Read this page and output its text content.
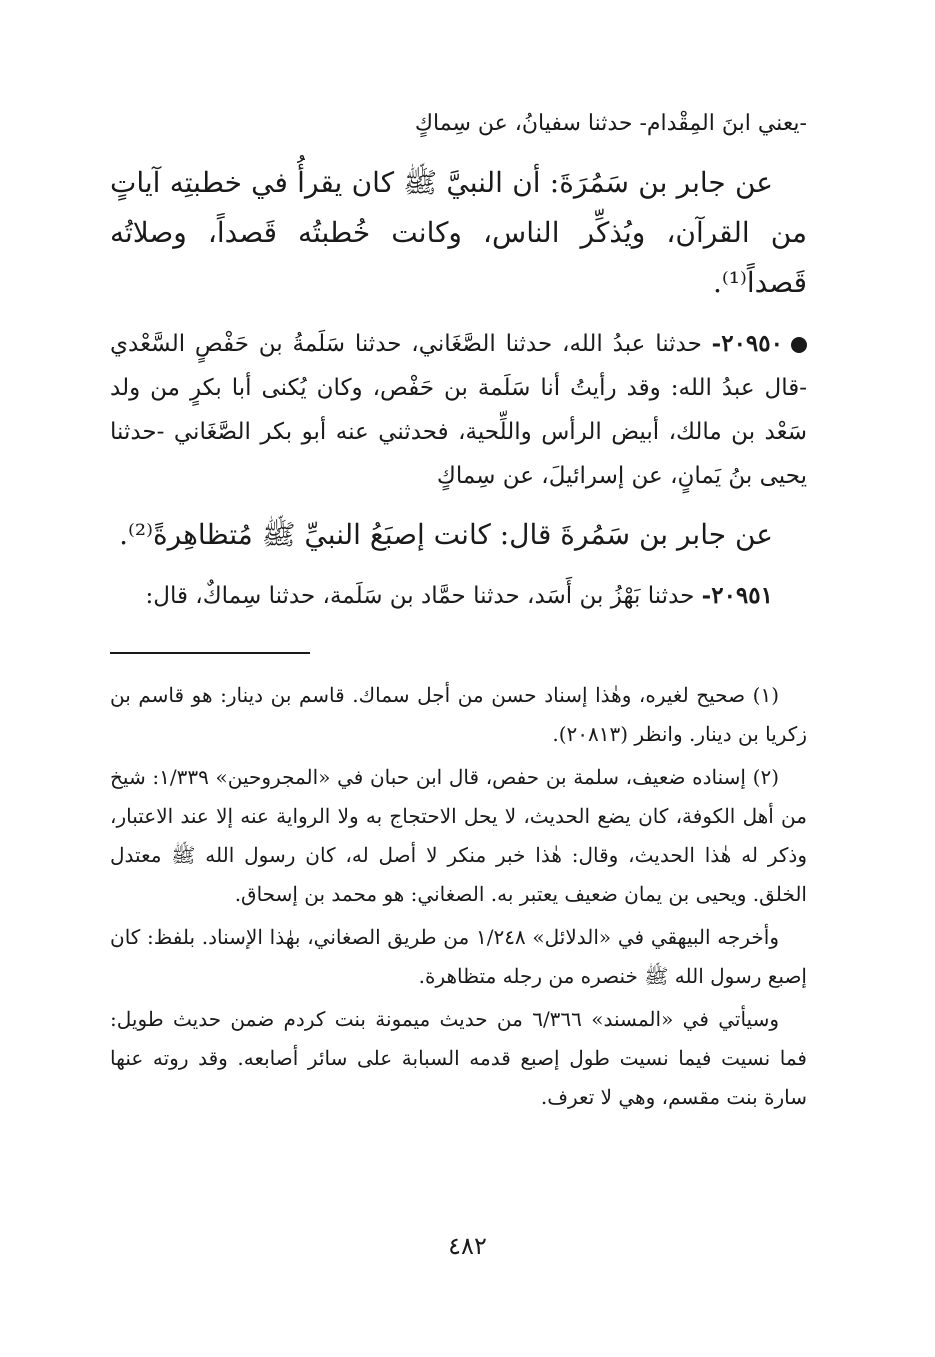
-يعني ابنَ المِقْدام- حدثنا سفيانُ، عن سِماكٍ

عن جابر بن سَمُرَةَ: أن النبيَّ ﷺ كان يقرأُ في خطبتِه آياتٍ من القرآن، ويُذكِّر الناس، وكانت خُطبتُه قَصداً، وصلاتُه قَصداً⁽¹⁾.

٢٠٩٥٠- حدثنا عبدُ الله، حدثنا الصَّغَاني، حدثنا سَلَمةُ بن حَفْصٍ السَّعْدي -قال عبدُ الله: وقد رأيتُ أنا سَلَمة بن حَفْص، وكان يُكنى أبا بكرٍ من ولد سَعْد بن مالك، أبيض الرأس واللِّحية، فحدثني عنه أبو بكر الصَّغَاني -حدثنا يحيى بنُ يَمانٍ، عن إسرائيلَ، عن سِماكٍ

عن جابر بن سَمُرةَ قال: كانت إصبَعُ النبيِّ ﷺ مُتظاهِرةً⁽²⁾.

٢٠٩٥١- حدثنا بَهْزُ بن أَسَد، حدثنا حمَّاد بن سَلَمة، حدثنا سِماكٌ، قال:

(١) صحيح لغيره، وهٰذا إسناد حسن من أجل سماك. قاسم بن دينار: هو قاسم بن زكريا بن دينار. وانظر (٢٠٨١٣).

(٢) إسناده ضعيف، سلمة بن حفص، قال ابن حبان في «المجروحين» ١/٣٣٩: شيخ من أهل الكوفة، كان يضع الحديث، لا يحل الاحتجاج به ولا الرواية عنه إلا عند الاعتبار، وذكر له هٰذا الحديث، وقال: هٰذا خبر منكر لا أصل له، كان رسول الله ﷺ معتدل الخلق. ويحيى بن يمان ضعيف يعتبر به. الصغاني: هو محمد بن إسحاق.

وأخرجه البيهقي في «الدلائل» ١/٢٤٨ من طريق الصغاني، بهٰذا الإسناد. بلفظ: كان إصبع رسول الله ﷺ خنصره من رجله متظاهرة.

وسيأتي في «المسند» ٦/٣٦٦ من حديث ميمونة بنت كردم ضمن حديث طويل: فما نسيت فيما نسيت طول إصبع قدمه السبابة على سائر أصابعه. وقد روته عنها سارة بنت مقسم، وهي لا تعرف.

٤٨٢
